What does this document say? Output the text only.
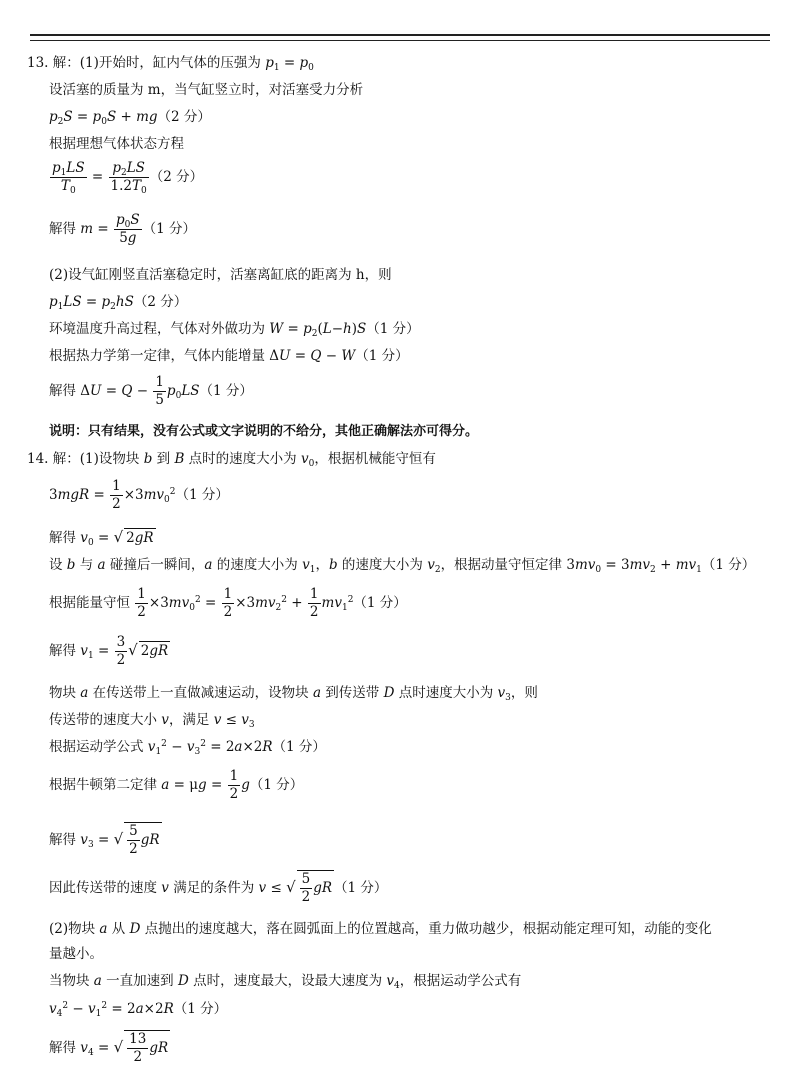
13. 解：(1)开始时，缸内气体的压强为 $p_1 = p_0$
设活塞的质量为 m，当气缸竖立时，对活塞受力分析
$p_2S = p_0S + mg(2$ 分）
根据理想气体状态方程
$\frac{p_1LS}{T_0} = \frac{p_2LS}{1.2T_0} (2$ 分）
解得 $m = \frac{p_0S}{5g} (1$ 分）
(2)设气缸刚竖直活塞稳定时，活塞离缸底的距离为 h，则
$p_1LS = p_2hS(2$ 分）
环境温度升高过程，气体对外做功为 $W = p_2(L-h)S(1$ 分）
根据热力学第一定律，气体内能增量 ΔU = Q − W（1 分）
解得 $\Delta U = Q - \frac{1}{5} p_0LS(1$ 分）
说明：只有结果，没有公式或文字说明的不给分，其他正确解法亦可得分。
14. 解：(1)设物块 b 到 B 点时的速度大小为 $v_0$，根据机械能守恒有
$3mgR = \frac{1}{2} \times 3mv_0^2(1$ 分）
解得 $v_0$ = √ 2gR
设 b 与 a 碰撞后一瞬间，a 的速度大小为 $v_1$，b 的速度大小为 $v_2$，根据动量守恒定律 $3mv_0 = 3mv_2 + mv_1(1$ 分）
根据能量守恒 $\frac{1}{2} \times 3mv_0^2 = \frac{1}{2} \times 3mv_2^2 + \frac{1}{2} mv_1^2(1$ 分）
解得 $v_1 = \frac{3}{2}$ √ 2gR
物块 a 在传送带上一直做减速运动，设物块 a 到传送带 D 点时速度大小为 $v_3$，则
传送带的速度大小 v，满足 $v \le v_3$
根据运动学公式 $v_1^2 - v_3^2 = 2a\times 2R(1$ 分）
根据牛顿第二定律 $a = \mu g = \frac{1}{2} g(1$ 分）
解得 $v_3$ = √ $\frac{5}{2}$ gR
因此传送带的速度 v 满足的条件为 v ≤ √ $\frac{5}{2}$ gR （1 分）
(2)物块 a 从 D 点抛出的速度越大，落在圆弧面上的位置越高，重力做功越少，根据动能定理可知，动能的变化
量越小。
当物块 a 一直加速到 D 点时，速度最大，设最大速度为 $v_4$，根据运动学公式有
$v_4^2 - v_1^2 = 2a\times 2R(1$ 分）
解得 $v_4$ = √ $\frac{13}{2}$ gR
